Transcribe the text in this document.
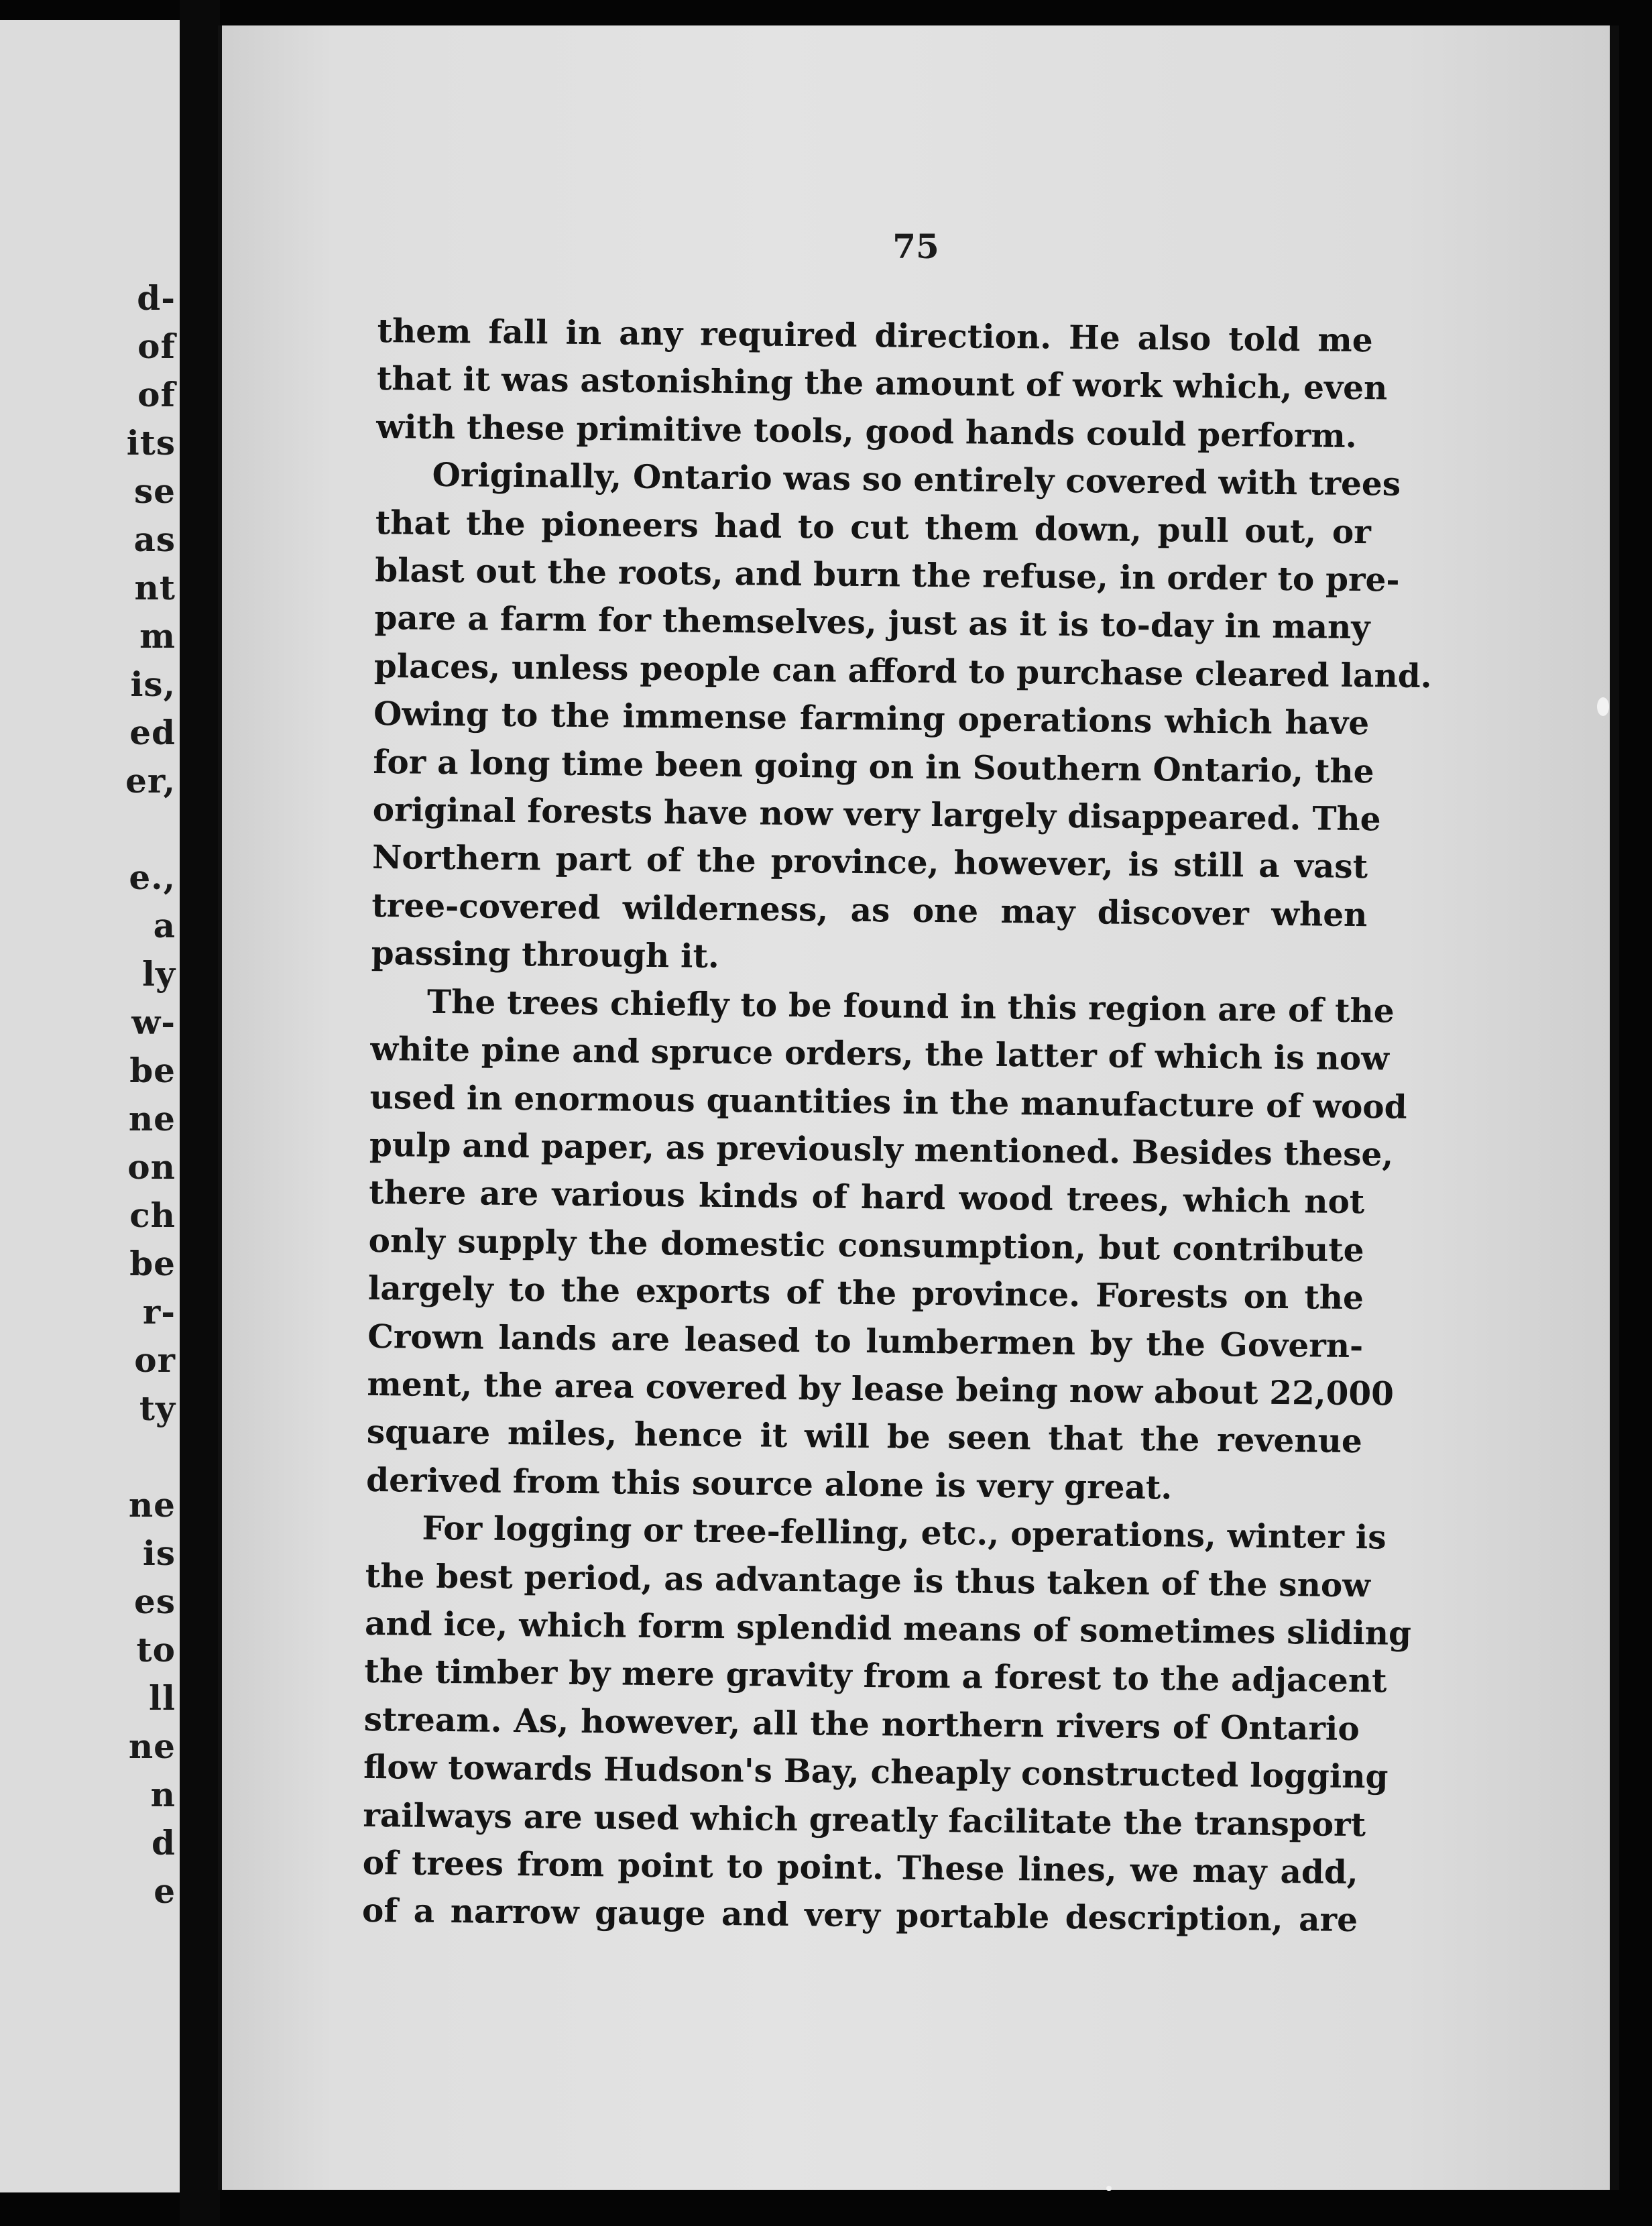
d-
of
of
its
se
as
nt
m
is,
ed
er,
e.,
a
ly
w-
be
ne
on
ch
be
r-
or
ty
ne
is
es
to
ll
ne
n
d
e
75

them fall in any required direction. He also told me

that it was astonishing the amount of work which, even

with these primitive tools, good hands could perform.

Originally, Ontario was so entirely covered with trees

that the pioneers had to cut them down, pull out, or

blast out the roots, and burn the refuse, in order to pre-

pare a farm for themselves, just as it is to-day in many

places, unless people can afford to purchase cleared land.

Owing to the immense farming operations which have

for a long time been going on in Southern Ontario, the

original forests have now very largely disappeared. The

Northern part of the province, however, is still a vast

tree-covered wilderness, as one may discover when

passing through it.

The trees chiefly to be found in this region are of the

white pine and spruce orders, the latter of which is now

used in enormous quantities in the manufacture of wood

pulp and paper, as previously mentioned. Besides these,

there are various kinds of hard wood trees, which not

only supply the domestic consumption, but contribute

largely to the exports of the province. Forests on the

Crown lands are leased to lumbermen by the Govern-

ment, the area covered by lease being now about 22,000

square miles, hence it will be seen that the revenue

derived from this source alone is very great.

For logging or tree-felling, etc., operations, winter is

the best period, as advantage is thus taken of the snow

and ice, which form splendid means of sometimes sliding

the timber by mere gravity from a forest to the adjacent

stream. As, however, all the northern rivers of Ontario

flow towards Hudson's Bay, cheaply constructed logging

railways are used which greatly facilitate the transport

of trees from point to point. These lines, we may add,

of a narrow gauge and very portable description, are
